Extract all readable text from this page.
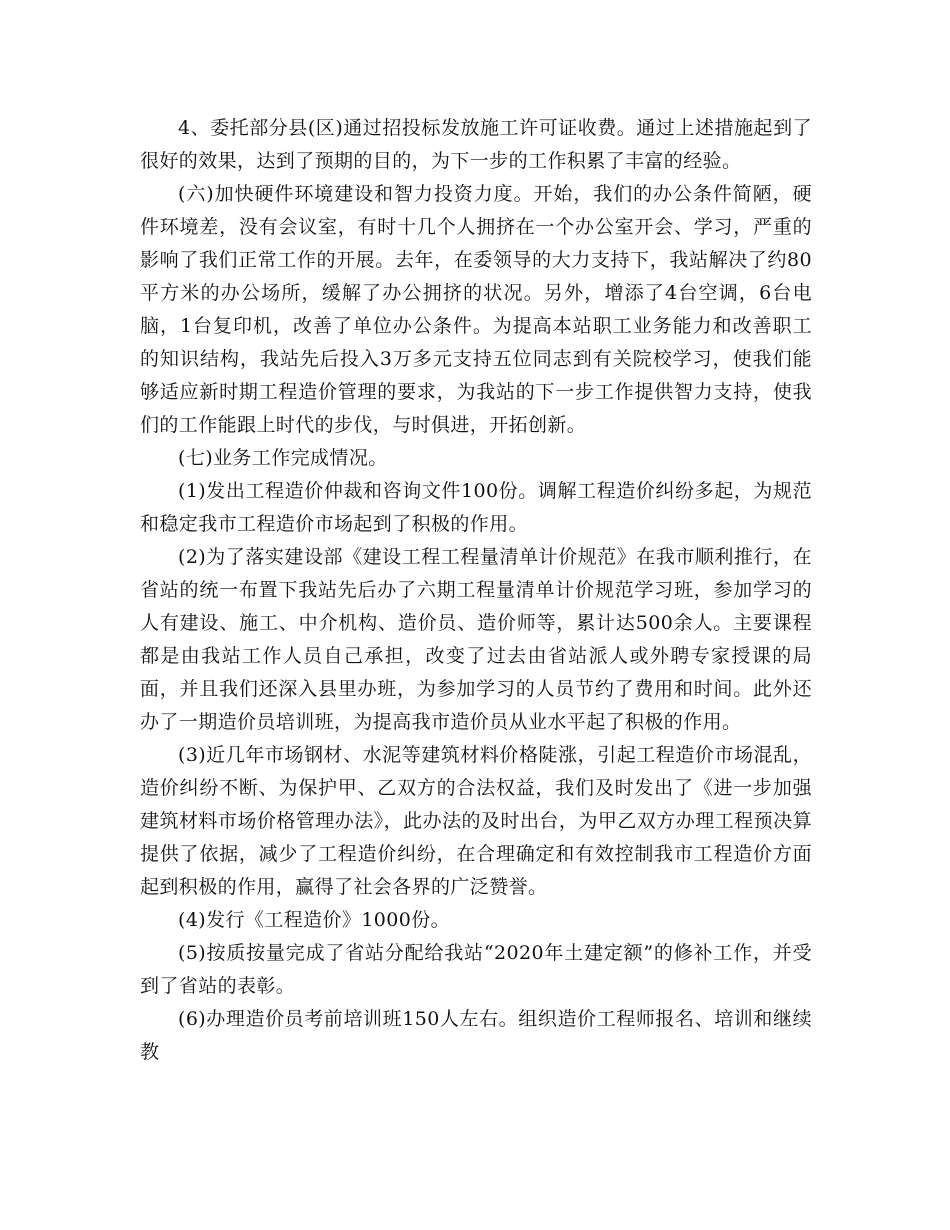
4、委托部分县(区)通过招投标发放施工许可证收费。通过上述措施起到了很好的效果，达到了预期的目的，为下一步的工作积累了丰富的经验。

(六)加快硬件环境建设和智力投资力度。开始，我们的办公条件简陋，硬件环境差，没有会议室，有时十几个人拥挤在一个办公室开会、学习，严重的影响了我们正常工作的开展。去年，在委领导的大力支持下，我站解决了约80平方米的办公场所，缓解了办公拥挤的状况。另外，增添了4台空调，6台电脑，1台复印机，改善了单位办公条件。为提高本站职工业务能力和改善职工的知识结构，我站先后投入3万多元支持五位同志到有关院校学习，使我们能够适应新时期工程造价管理的要求，为我站的下一步工作提供智力支持，使我们的工作能跟上时代的步伐，与时俱进，开拓创新。

(七)业务工作完成情况。

(1)发出工程造价仲裁和咨询文件100份。调解工程造价纠纷多起，为规范和稳定我市工程造价市场起到了积极的作用。

(2)为了落实建设部《建设工程工程量清单计价规范》在我市顺利推行，在省站的统一布置下我站先后办了六期工程量清单计价规范学习班，参加学习的人有建设、施工、中介机构、造价员、造价师等，累计达500余人。主要课程都是由我站工作人员自己承担，改变了过去由省站派人或外聘专家授课的局面，并且我们还深入县里办班，为参加学习的人员节约了费用和时间。此外还办了一期造价员培训班，为提高我市造价员从业水平起了积极的作用。

(3)近几年市场钢材、水泥等建筑材料价格陡涨，引起工程造价市场混乱，造价纠纷不断、为保护甲、乙双方的合法权益，我们及时发出了《进一步加强建筑材料市场价格管理办法》，此办法的及时出台，为甲乙双方办理工程预决算提供了依据，减少了工程造价纠纷，在合理确定和有效控制我市工程造价方面起到积极的作用，赢得了社会各界的广泛赞誉。

(4)发行《工程造价》1000份。

(5)按质按量完成了省站分配给我站“2020年土建定额”的修补工作，并受到了省站的表彰。

(6)办理造价员考前培训班150人左右。组织造价工程师报名、培训和继续教
